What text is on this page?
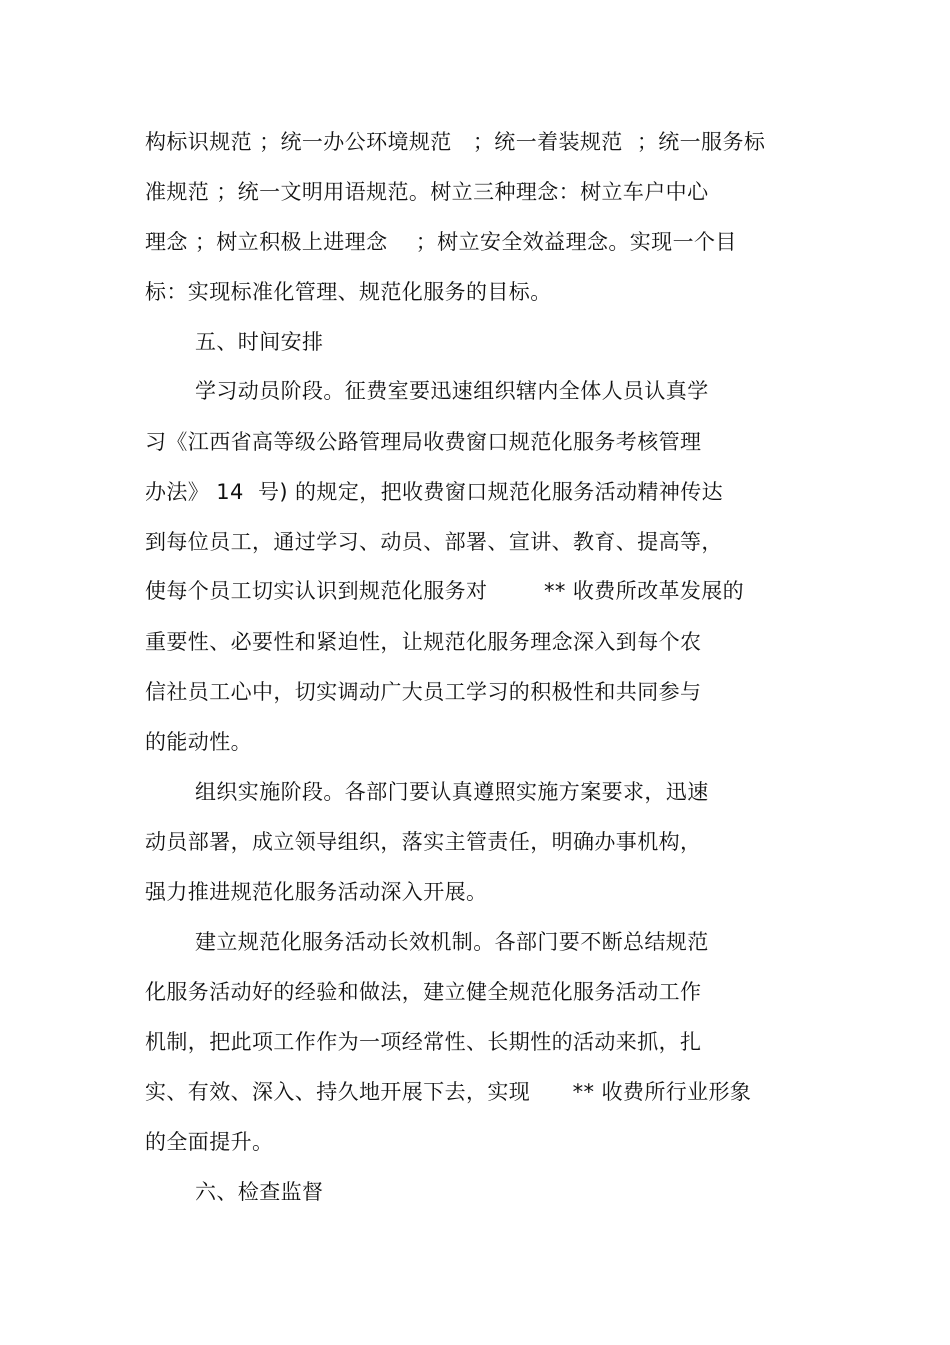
构标识规范 ；统一办公环境规范   ；统一着装规范  ；统一服务标
准规范 ；统一文明用语规范。树立三种理念：树立车户中心
理念 ；树立积极上进理念    ；树立安全效益理念。实现一个目
标：实现标准化管理、规范化服务的目标。
五、时间安排
学习动员阶段。征费室要迅速组织辖内全体人员认真学
习《江西省高等级公路管理局收费窗口规范化服务考核管理
办法》 14  号) 的规定，把收费窗口规范化服务活动精神传达
到每位员工，通过学习、动员、部署、宣讲、教育、提高等，
使每个员工切实认识到规范化服务对        ** 收费所改革发展的
重要性、必要性和紧迫性，让规范化服务理念深入到每个农
信社员工心中，切实调动广大员工学习的积极性和共同参与
的能动性。
组织实施阶段。各部门要认真遵照实施方案要求，迅速
动员部署，成立领导组织，落实主管责任，明确办事机构，
强力推进规范化服务活动深入开展。
建立规范化服务活动长效机制。各部门要不断总结规范
化服务活动好的经验和做法，建立健全规范化服务活动工作
机制，把此项工作作为一项经常性、长期性的活动来抓，扎
实、有效、深入、持久地开展下去，实现      ** 收费所行业形象
的全面提升。
六、检查监督
